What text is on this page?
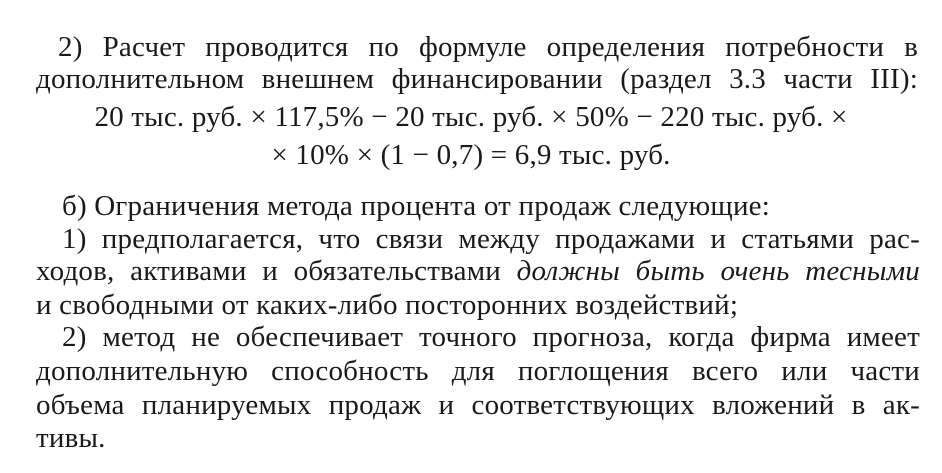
2) Расчет проводится по формуле определения потребности в
дополнительном внешнем финансировании (раздел 3.3 части III):
20 тыс. руб. × 117,5% − 20 тыс. руб. × 50% − 220 тыс. руб. ×
× 10% × (1 − 0,7) = 6,9 тыс. руб.
б) Ограничения метода процента от продаж следующие:
1) предполагается, что связи между продажами и статьями рас-
ходов, активами и обязательствами должны быть очень тесными
и свободными от каких-либо посторонних воздействий;
2) метод не обеспечивает точного прогноза, когда фирма имеет
дополнительную способность для поглощения всего или части
объема планируемых продаж и соответствующих вложений в ак-
тивы.
